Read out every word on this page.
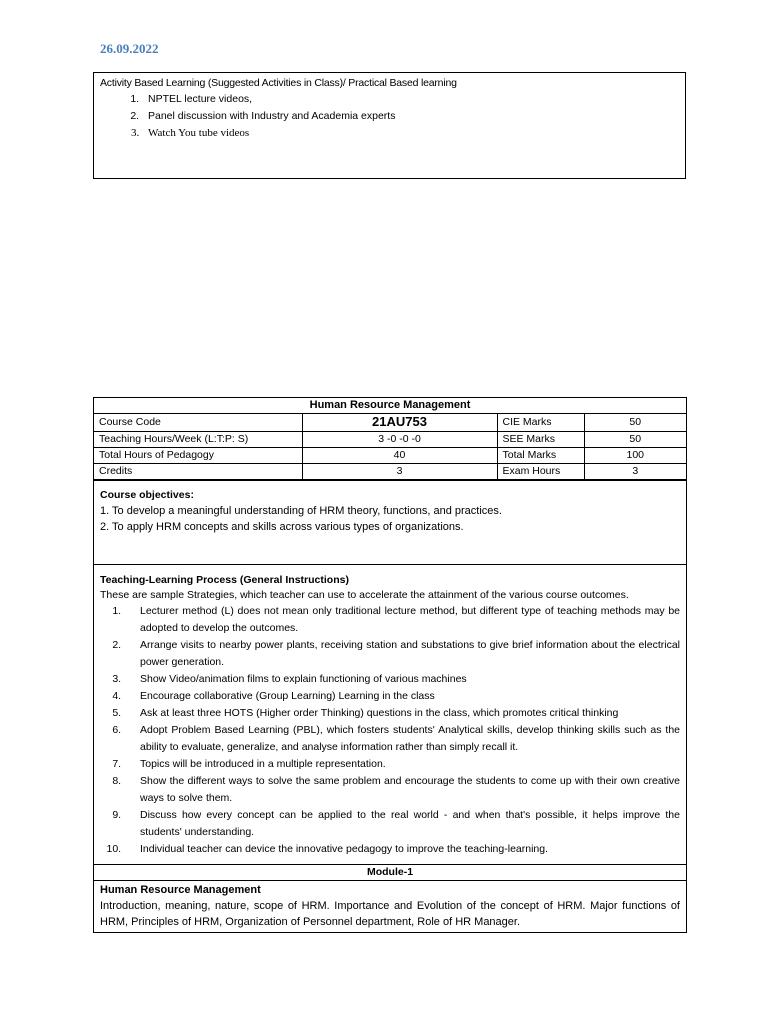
26.09.2022
Activity Based Learning (Suggested Activities in Class)/ Practical Based learning
1. NPTEL lecture videos,
2. Panel discussion with Industry and Academia experts
3. Watch You tube videos
Human Resource Management			
Course Code	21AU753	CIE Marks	50
Teaching Hours/Week (L:T:P: S)	3 -0 -0 -0	SEE Marks	50
Total Hours of Pedagogy	40	Total Marks	100
Credits	3	Exam Hours	3
Course objectives:
1. To develop a meaningful understanding of HRM theory, functions, and practices.
2. To apply HRM concepts and skills across various types of organizations.
Teaching-Learning Process (General Instructions)
These are sample Strategies, which teacher can use to accelerate the attainment of the various course outcomes.
1. Lecturer method (L) does not mean only traditional lecture method, but different type of teaching methods may be adopted to develop the outcomes.
2. Arrange visits to nearby power plants, receiving station and substations to give brief information about the electrical power generation.
3. Show Video/animation films to explain functioning of various machines
4. Encourage collaborative (Group Learning) Learning in the class
5. Ask at least three HOTS (Higher order Thinking) questions in the class, which promotes critical thinking
6. Adopt Problem Based Learning (PBL), which fosters students' Analytical skills, develop thinking skills such as the ability to evaluate, generalize, and analyse information rather than simply recall it.
7. Topics will be introduced in a multiple representation.
8. Show the different ways to solve the same problem and encourage the students to come up with their own creative ways to solve them.
9. Discuss how every concept can be applied to the real world - and when that's possible, it helps improve the students' understanding.
10. Individual teacher can device the innovative pedagogy to improve the teaching-learning.
Module-1
Human Resource Management
Introduction, meaning, nature, scope of HRM. Importance and Evolution of the concept of HRM. Major functions of HRM, Principles of HRM, Organization of Personnel department, Role of HR Manager.
